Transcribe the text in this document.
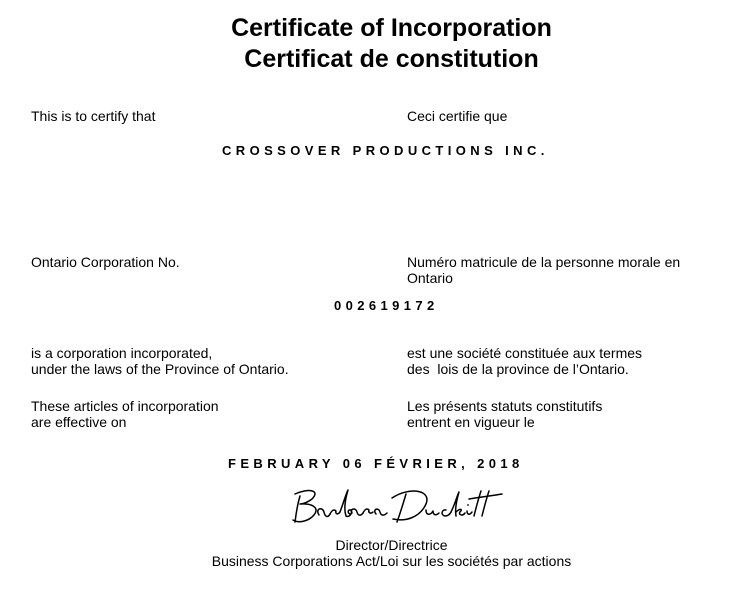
Certificate of Incorporation
Certificat de constitution
This is to certify that	Ceci certifie que
CROSSOVER PRODUCTIONS INC.
Ontario Corporation No.	Numéro matricule de la personne morale en
Ontario
002619172
is a corporation incorporated,
under the laws of the Province of Ontario.
est une société constituée aux termes
des  lois de la province de l’Ontario.
These articles of incorporation
are effective on
Les présents statuts constitutifs
entrent en vigueur le
FEBRUARY 06 FÉVRIER, 2018
Director/Directrice
Business Corporations Act/Loi sur les sociétés par actions
